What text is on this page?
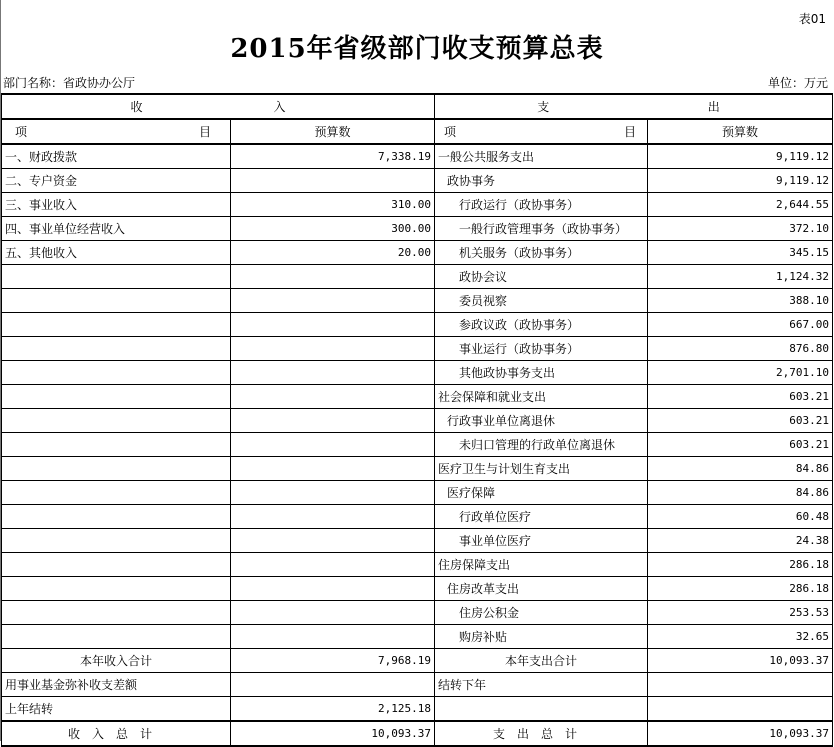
表01
2015年省级部门收支预算总表
部门名称：省政协办公厅	单位：万元
收 入		支 出	

项 目	预算数	项 目	预算数
一、财政拨款	7,338.19	一般公共服务支出	9,119.12
二、专户资金		政协事务	9,119.12
三、事业收入	310.00	行政运行（政协事务）	2,644.55
四、事业单位经营收入	300.00	一般行政管理事务（政协事务）	372.10
五、其他收入	20.00	机关服务（政协事务）	345.15
		政协会议	1,124.32
		委员视察	388.10
		参政议政（政协事务）	667.00
		事业运行（政协事务）	876.80
		其他政协事务支出	2,701.10
		社会保障和就业支出	603.21
		行政事业单位离退休	603.21
		未归口管理的行政单位离退休	603.21
		医疗卫生与计划生育支出	84.86
		医疗保障	84.86
		行政单位医疗	60.48
		事业单位医疗	24.38
		住房保障支出	286.18
		住房改革支出	286.18
		住房公积金	253.53
		购房补贴	32.65
本年收入合计	7,968.19	本年支出合计	10,093.37
用事业基金弥补收支差额		结转下年	
上年结转	2,125.18		
收入总计	10,093.37	支出总计	10,093.37
